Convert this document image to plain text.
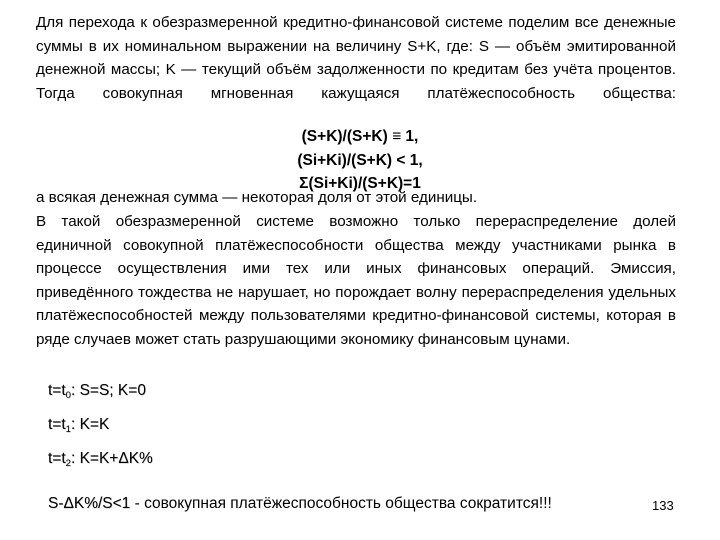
Для перехода к обезразмеренной кредитно-финансовой системе поделим все денежные суммы в их номинальном выражении на величину S+K, где: S — объём эмитированной денежной массы; K — текущий объём задолженности по кредитам без учёта процентов. Тогда совокупная мгновенная кажущаяся платёжеспособность общества:

(S+K)/(S+K) ≡ 1,

(Si+Ki)/(S+K) < 1,

Σ(Si+Ki)/(S+K)=1

а всякая денежная сумма — некоторая доля от этой единицы.

В такой обезразмеренной системе возможно только перераспределение долей единичной совокупной платёжеспособности общества между участниками рынка в процессе осуществления ими тех или иных финансовых операций. Эмиссия, приведённого тождества не нарушает, но порождает волну перераспределения удельных платёжеспособностей между пользователями кредитно-финансовой системы, которая в ряде случаев может стать разрушающими экономику финансовым цунами.

$t=t_0$: S=S; K=0
$t=t_1$: K=K
$t=t_2$: K=K+ΔK%
S-ΔK%/S<1 - совокупная платёжеспособность общества сократится!!!	133
